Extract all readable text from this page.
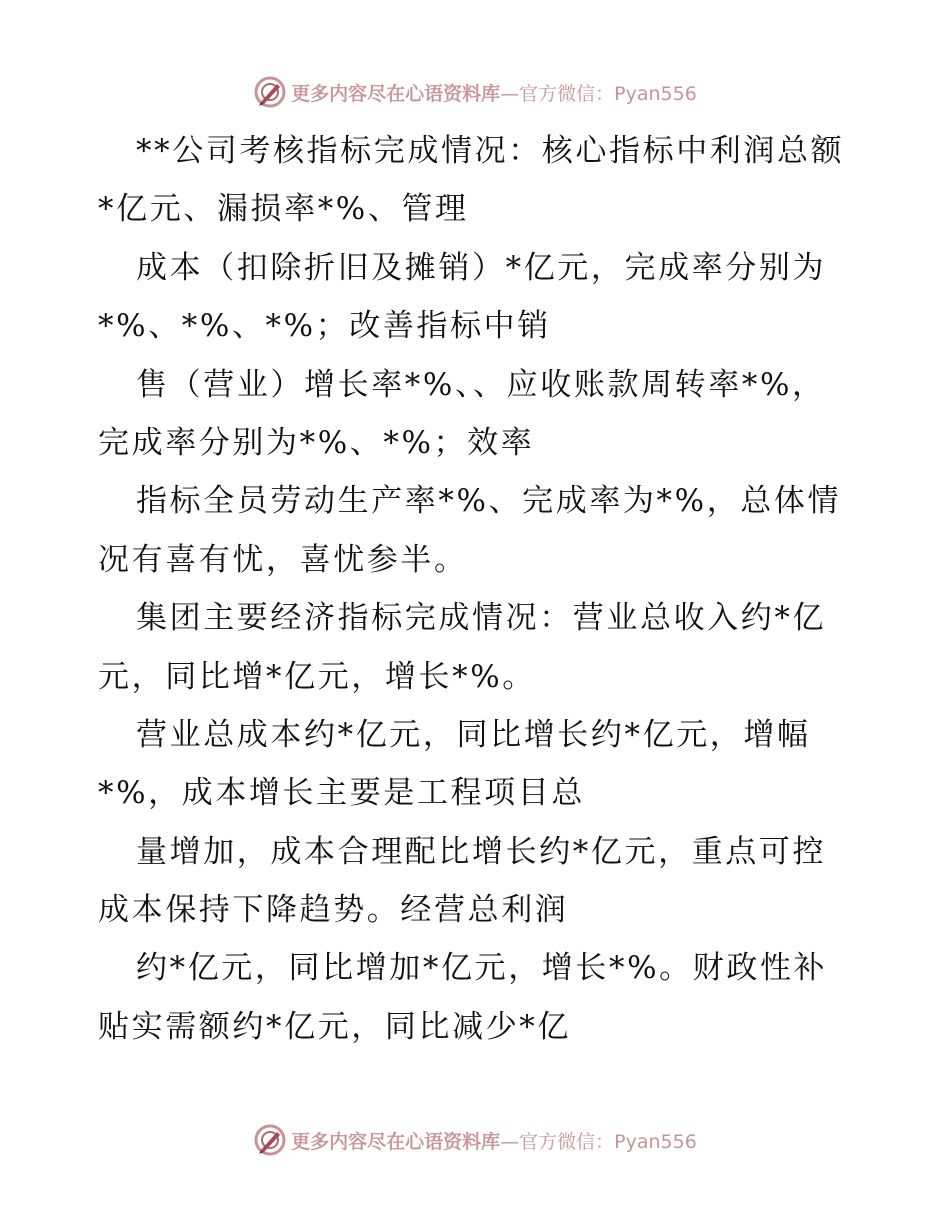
更多内容尽在心语资料库 —官方微信：Pyan556
**公司考核指标完成情况：核心指标中利润总额
*亿元、漏损率*%、管理
成本（扣除折旧及摊销）*亿元，完成率分别为
*%、*%、*%；改善指标中销
售（营业）增长率*%、、应收账款周转率*%，
完成率分别为*%、*%；效率
指标全员劳动生产率*%、完成率为*%，总体情
况有喜有忧，喜忧参半。
集团主要经济指标完成情况：营业总收入约*亿
元，同比增*亿元，增长*%。
营业总成本约*亿元，同比增长约*亿元，增幅
*%，成本增长主要是工程项目总
量增加，成本合理配比增长约*亿元，重点可控
成本保持下降趋势。经营总利润
约*亿元，同比增加*亿元，增长*%。财政性补
贴实需额约*亿元，同比减少*亿
更多内容尽在心语资料库 —官方微信：Pyan556
